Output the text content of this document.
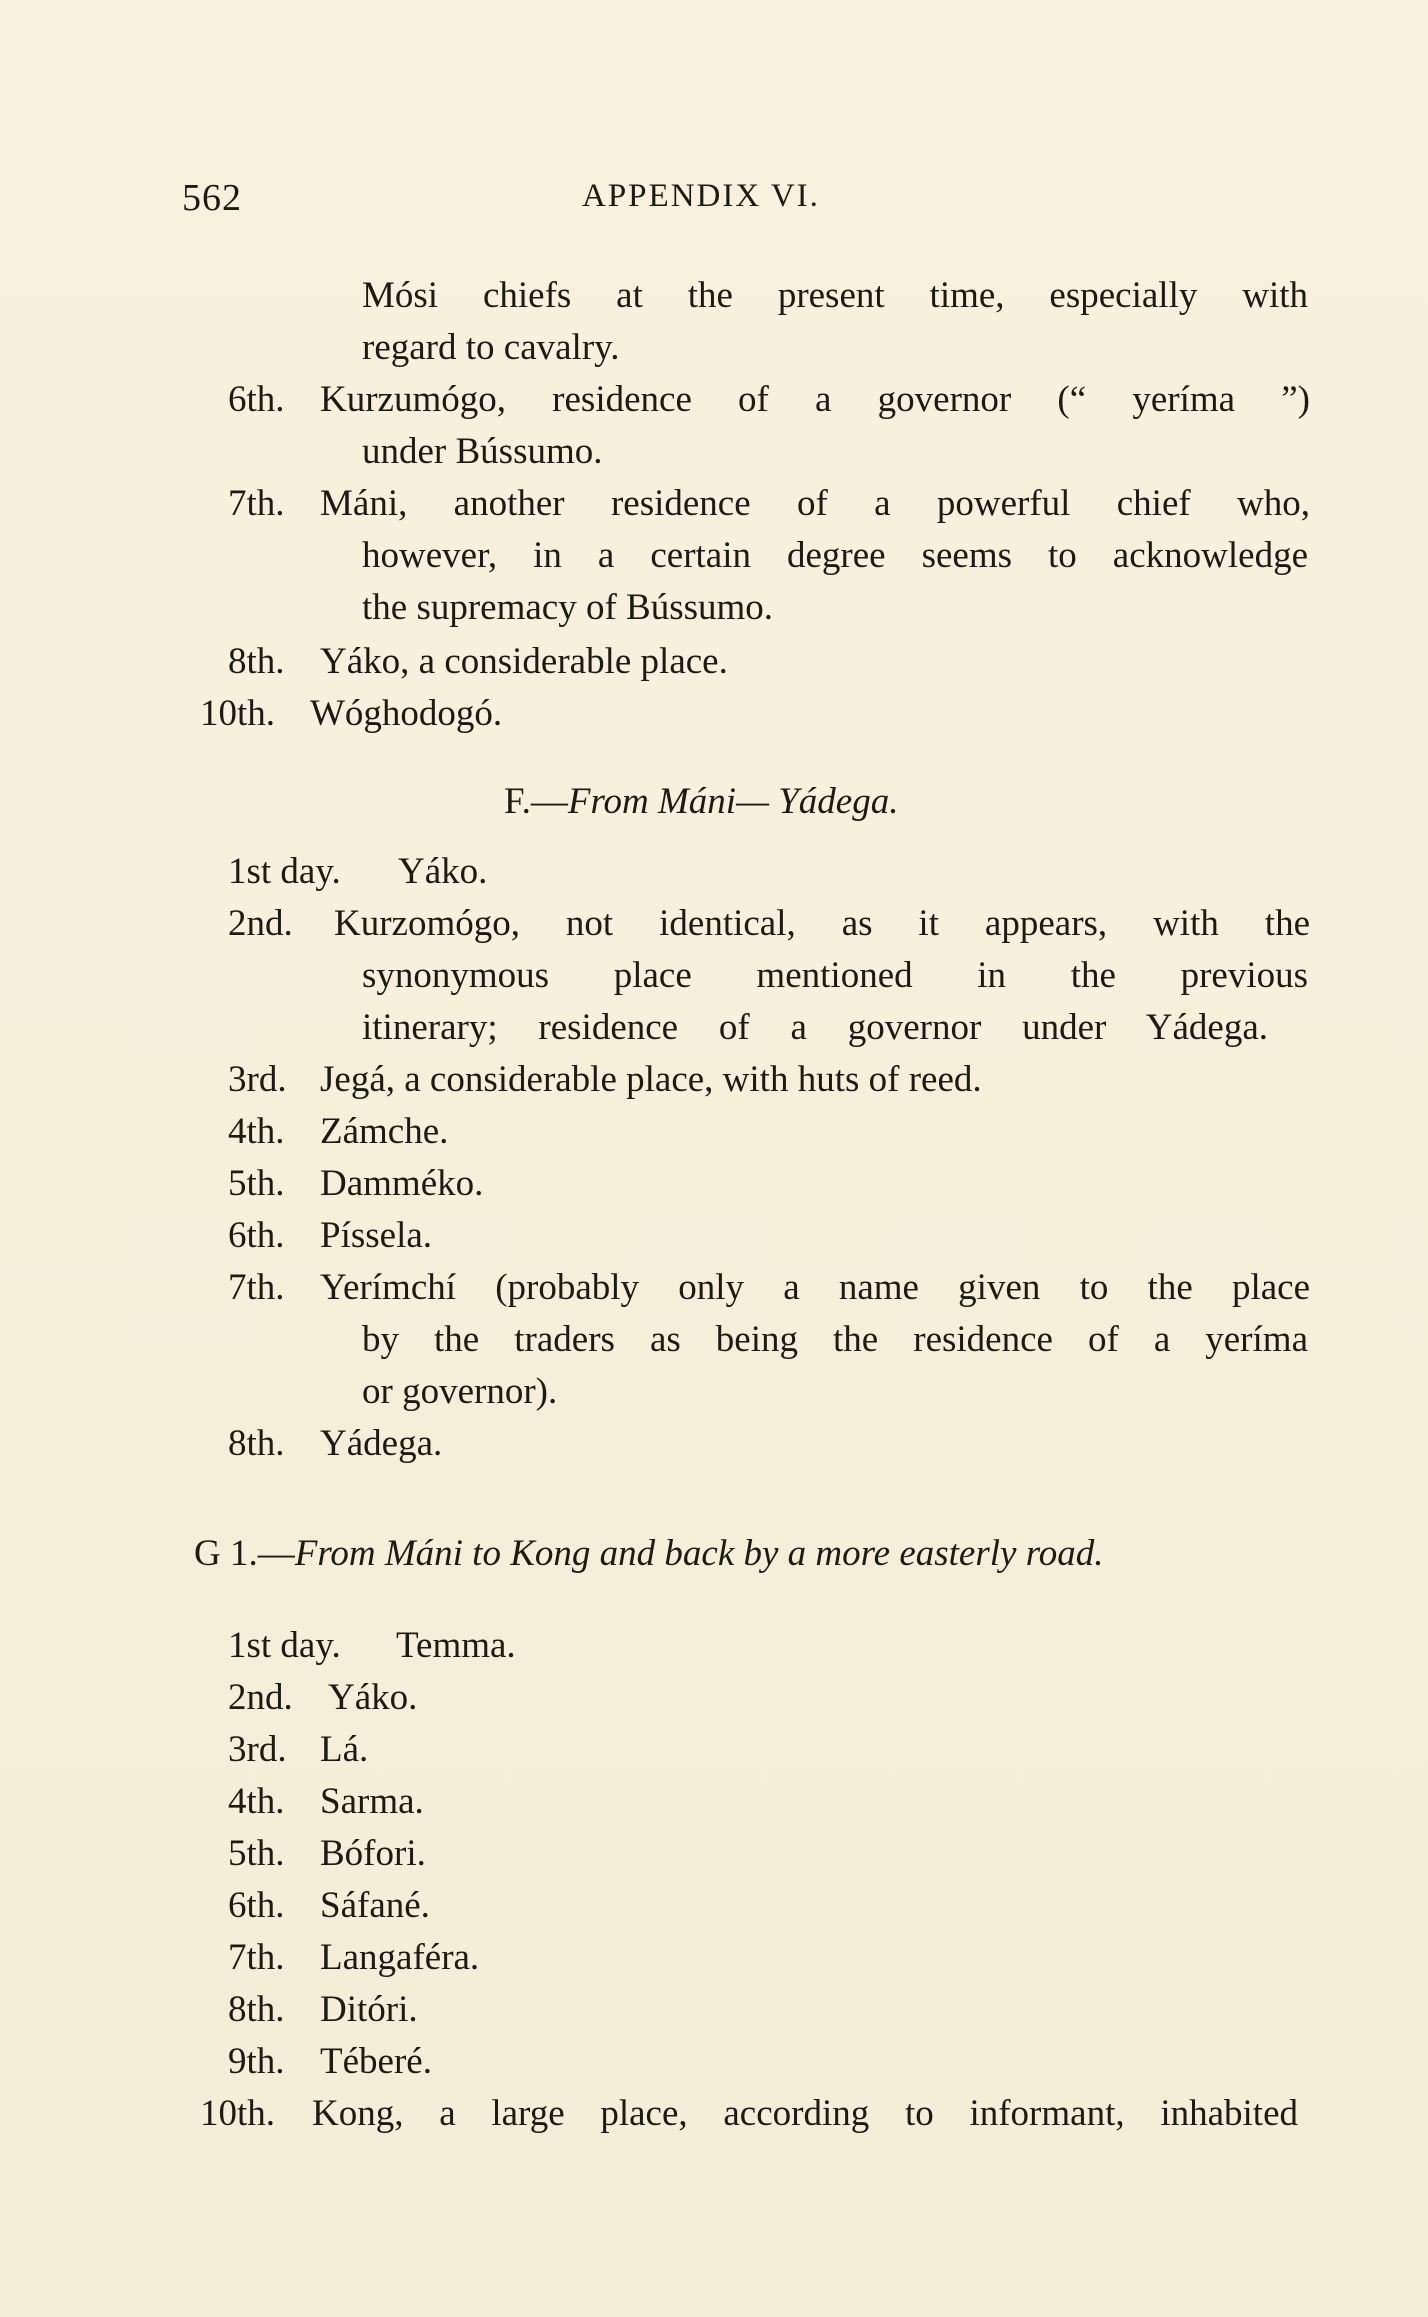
562	APPENDIX VI.
Mósi chiefs at the present time, especially with
regard to cavalry.
6th. Kurzumógo, residence of a governor (“ yeríma ”)
under Bússumo.
7th. Máni, another residence of a powerful chief who,
however, in a certain degree seems to acknowledge
the supremacy of Bússumo.
8th. Yáko, a considerable place.
10th. Wóghodogó.
F.—From Máni— Yádega.
1st day. Yáko.
2nd. Kurzomógo, not identical, as it appears, with the
synonymous place mentioned in the previous
itinerary; residence of a governor under Yádega.
3rd. Jegá, a considerable place, with huts of reed.
4th. Zámche.
5th. Damméko.
6th. Píssela.
7th. Yerímchí (probably only a name given to the place
by the traders as being the residence of a yeríma
or governor).
8th. Yádega.
G 1.—From Máni to Kong and back by a more easterly road.
1st day. Temma.
2nd. Yáko.
3rd. Lá.
4th. Sarma.
5th. Bófori.
6th. Sáfané.
7th. Langaféra.
8th. Ditóri.
9th. Téberé.
10th. Kong, a large place, according to informant, inhabited
